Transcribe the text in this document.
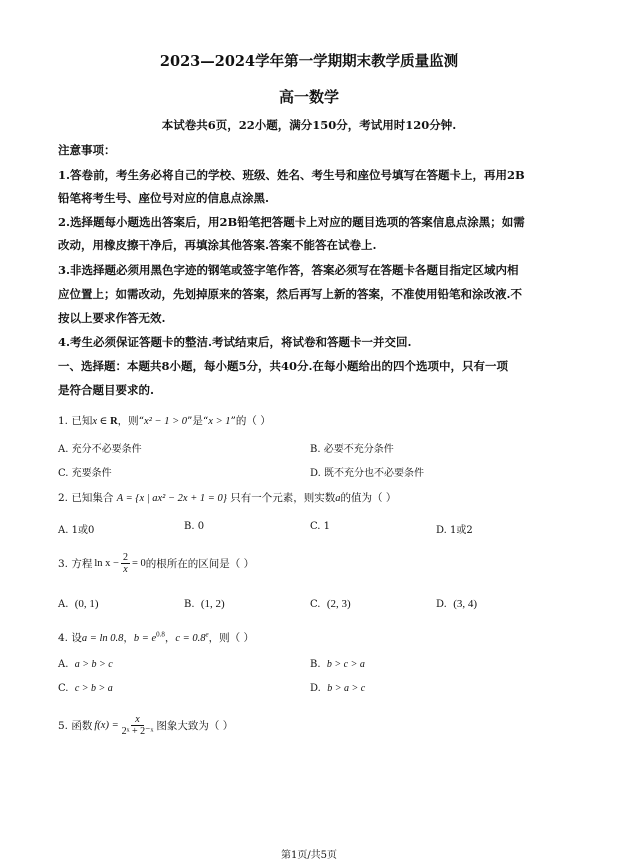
2023—2024学年第一学期期末教学质量监测
高一数学
本试卷共6页，22小题，满分150分，考试用时120分钟.
注意事项：
1.答卷前，考生务必将自己的学校、班级、姓名、考生号和座位号填写在答题卡上，再用2B
铅笔将考生号、座位号对应的信息点涂黑.
2.选择题每小题选出答案后，用2B铅笔把答题卡上对应的题目选项的答案信息点涂黑；如需
改动，用橡皮擦干净后，再填涂其他答案.答案不能答在试卷上.
3.非选择题必须用黑色字迹的钢笔或签字笔作答，答案必须写在答题卡各题目指定区域内相
应位置上；如需改动，先划掉原来的答案，然后再写上新的答案，不准使用铅笔和涂改液.不
按以上要求作答无效.
4.考生必须保证答题卡的整洁.考试结束后，将试卷和答题卡一并交回.
一、选择题：本题共8小题，每小题5分，共40分.在每小题给出的四个选项中，只有一项
是符合题目要求的.
1. 已知x ∈ R，则“x² − 1 > 0”是“x > 1”的（ ）
A. 充分不必要条件	B. 必要不充分条件
C. 充要条件	D. 既不充分也不必要条件
2. 已知集合 A = {x | ax² − 2x + 1 = 0} 只有一个元素，则实数a的值为（ ）
A. 1或0	B. 0	C. 1	D. 1或2
3.
方程 $\ln x - \frac{2}{x} = 0$ 的根所在的区间是（ ）
A. (0, 1)	B. (1, 2)	C. (2, 3)	D. (3, 4)
4. 设a = ln 0.8，$b = e^{0.8}$，c = 0.8$^e$，则（ ）
A. a > b > c	B. b > c > a
C. c > b > a	D. b > a > c
5.
函数 $f(x) = \frac{x}{\text{2ˣ + 2⁻ˣ}}$ 图象大致为（ ）
第1页/共5页
